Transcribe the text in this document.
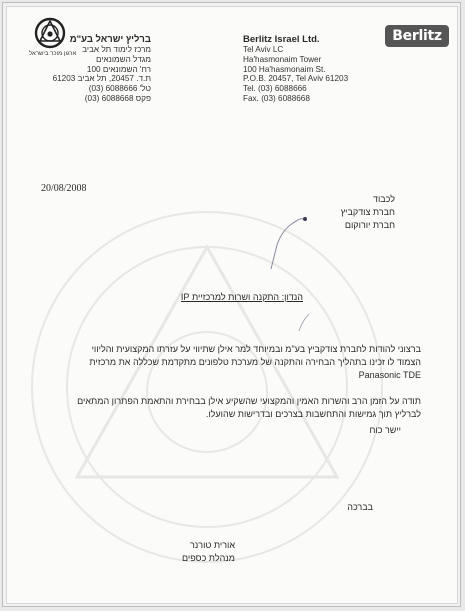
ארגון מוכר בישראל
ברליץ ישראל בע"מ
מרכז לימוד תל אביב
מגדל השמונאים
רח' השמונאים 100
ת.ד. 20457, תל אביב 61203
טל' 6088666 (03)
פקס 6088668 (03)
Berlitz Israel Ltd.
Tel Aviv LC
Ha'hasmonaim Tower
100 Ha'hasmonaim St.
P.O.B. 20457, Tel Aviv 61203
Tel. (03) 6088666
Fax. (03) 6088668
Berlitz
20/08/2008
לכבוד
חברת צודקביץ
חברת יורוקום
הנדון: התקנה ושרות למרכזיית IP
ברצוני להודות לחברת צודקביץ בע"מ ובמיוחד למר אילן שתיווי על עזרתו המקצועית והליווי
הצמוד לו זכינו בתהליך הבחירה והתקנה של מערכת טלפונים מתקדמת שכללה את מרכזית
Panasonic TDE
תודה על הזמן הרב והשרות האמין והמקצועי שהשקיע אילן בבחירת והתאמת הפתרון המתאים
לברליץ תוך גמישות והתחשבות בצרכים ובדרישות שהועלו.
יישר כוח
בברכה
אורית טורנר
מנהלת כספים
